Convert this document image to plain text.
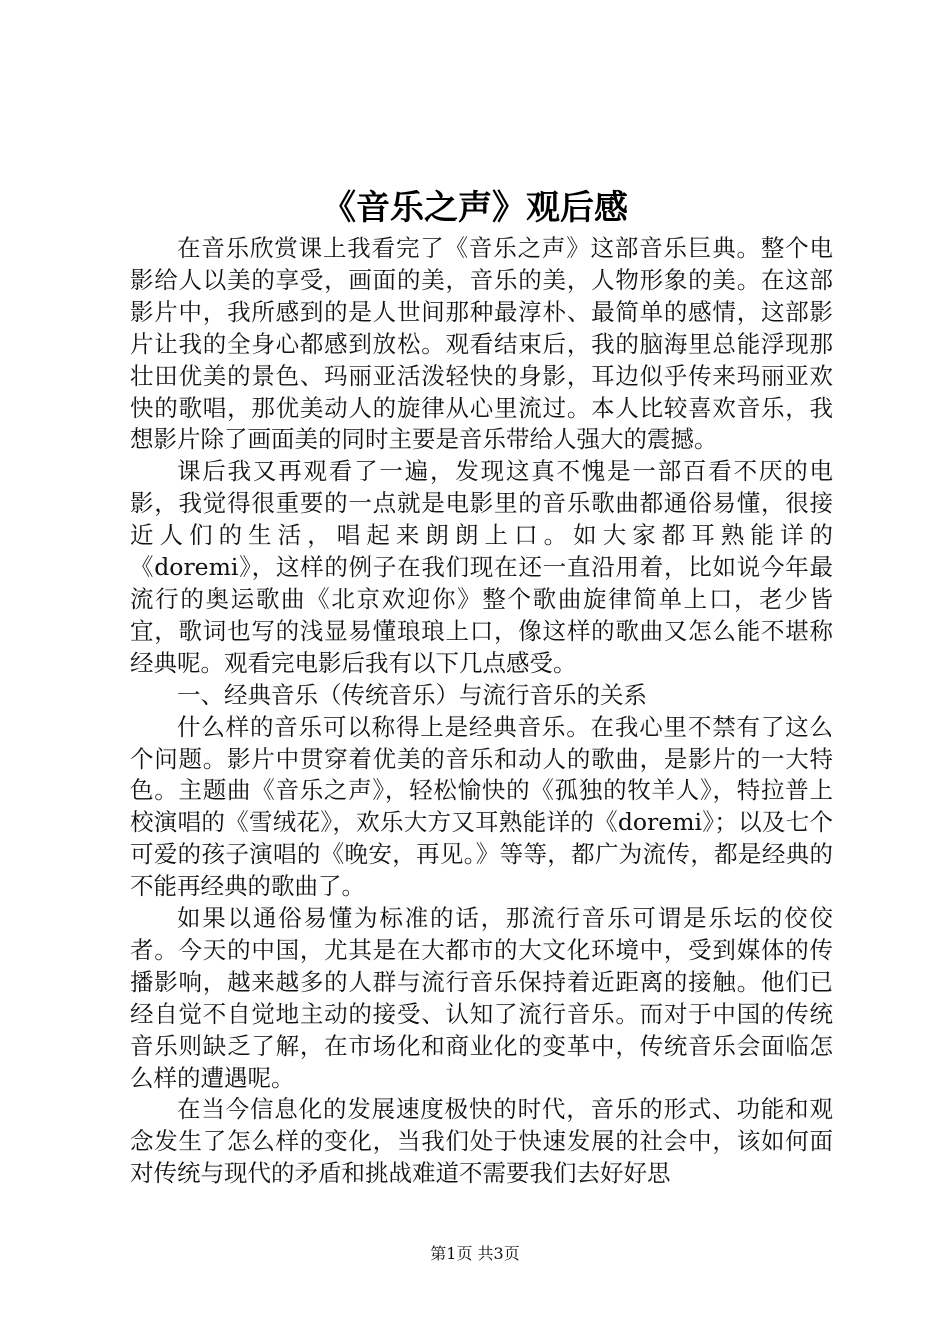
《音乐之声》观后感

在音乐欣赏课上我看完了《音乐之声》这部音乐巨典。整个电影给人以美的享受，画面的美，音乐的美，人物形象的美。在这部影片中，我所感到的是人世间那种最淳朴、最简单的感情，这部影片让我的全身心都感到放松。观看结束后，我的脑海里总能浮现那壮田优美的景色、玛丽亚活泼轻快的身影，耳边似乎传来玛丽亚欢快的歌唱，那优美动人的旋律从心里流过。本人比较喜欢音乐，我想影片除了画面美的同时主要是音乐带给人强大的震撼。

课后我又再观看了一遍，发现这真不愧是一部百看不厌的电影，我觉得很重要的一点就是电影里的音乐歌曲都通俗易懂，很接近人们的生活，唱起来朗朗上口。如大家都耳熟能详的《doremi》，这样的例子在我们现在还一直沿用着，比如说今年最流行的奥运歌曲《北京欢迎你》整个歌曲旋律简单上口，老少皆宜，歌词也写的浅显易懂琅琅上口，像这样的歌曲又怎么能不堪称经典呢。观看完电影后我有以下几点感受。

一、经典音乐（传统音乐）与流行音乐的关系

什么样的音乐可以称得上是经典音乐。在我心里不禁有了这么个问题。影片中贯穿着优美的音乐和动人的歌曲，是影片的一大特色。主题曲《音乐之声》，轻松愉快的《孤独的牧羊人》，特拉普上校演唱的《雪绒花》，欢乐大方又耳熟能详的《doremi》；以及七个可爱的孩子演唱的《晚安，再见。》等等，都广为流传，都是经典的不能再经典的歌曲了。

如果以通俗易懂为标准的话，那流行音乐可谓是乐坛的佼佼者。今天的中国，尤其是在大都市的大文化环境中，受到媒体的传播影响，越来越多的人群与流行音乐保持着近距离的接触。他们已经自觉不自觉地主动的接受、认知了流行音乐。而对于中国的传统音乐则缺乏了解，在市场化和商业化的变革中，传统音乐会面临怎么样的遭遇呢。

在当今信息化的发展速度极快的时代，音乐的形式、功能和观念发生了怎么样的变化，当我们处于快速发展的社会中，该如何面对传统与现代的矛盾和挑战难道不需要我们去好好思

第1页 共3页
